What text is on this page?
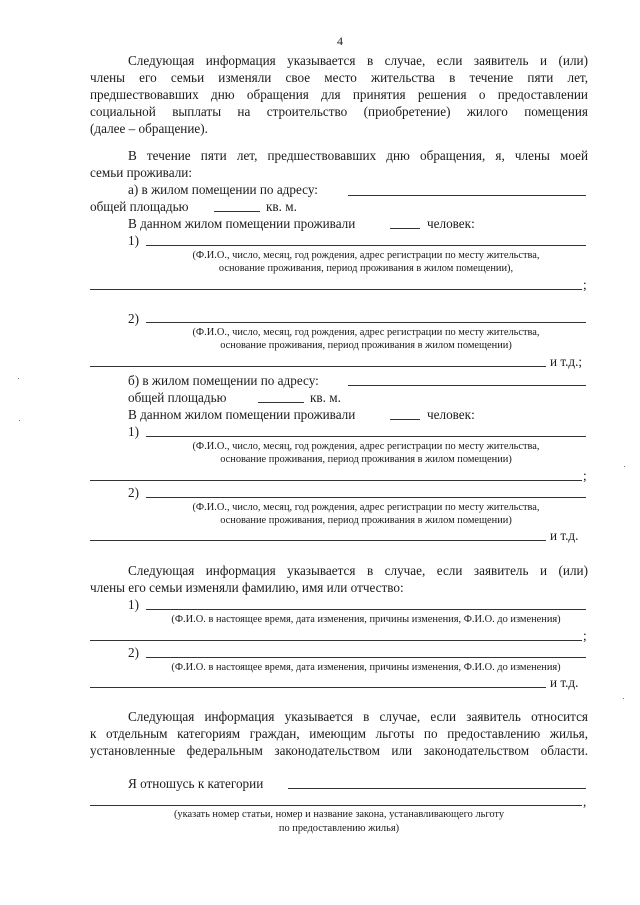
4
Следующая информация указывается в случае, если заявитель и (или)
члены его семьи изменяли свое место жительства в течение пяти лет,
предшествовавших дню обращения для принятия решения о предоставлении
социальной выплаты на строительство (приобретение) жилого помещения
(далее – обращение).
В течение пяти лет, предшествовавших дню обращения, я, члены моей
семьи проживали:
а) в жилом помещении по адресу:
общей площадью	кв. м.
В данном жилом помещении проживали	человек:
1)
(Ф.И.О., число, месяц, год рождения, адрес регистрации по месту жительства,
основание проживания, период проживания в жилом помещении),
;
2)
(Ф.И.О., число, месяц, год рождения, адрес регистрации по месту жительства,
основание проживания, период проживания в жилом помещении)
и т.д.;
б) в жилом помещении по адресу:
общей площадью	кв. м.
В данном жилом помещении проживали	человек:
1)
(Ф.И.О., число, месяц, год рождения, адрес регистрации по месту жительства,
основание проживания, период проживания в жилом помещении)
;
2)
(Ф.И.О., число, месяц, год рождения, адрес регистрации по месту жительства,
основание проживания, период проживания в жилом помещении)
и т.д.
Следующая информация указывается в случае, если заявитель и (или)
члены его семьи изменяли фамилию, имя или отчество:
1)
(Ф.И.О. в настоящее время, дата изменения, причины изменения, Ф.И.О. до изменения)
;
2)
(Ф.И.О. в настоящее время, дата изменения, причины изменения, Ф.И.О. до изменения)
и т.д.
Следующая информация указывается в случае, если заявитель относится
к отдельным категориям граждан, имеющим льготы по предоставлению жилья,
установленные федеральным законодательством или законодательством области.
Я отношусь к категории
,
(указать номер статьи, номер и название закона, устанавливающего льготу
по предоставлению жилья)
